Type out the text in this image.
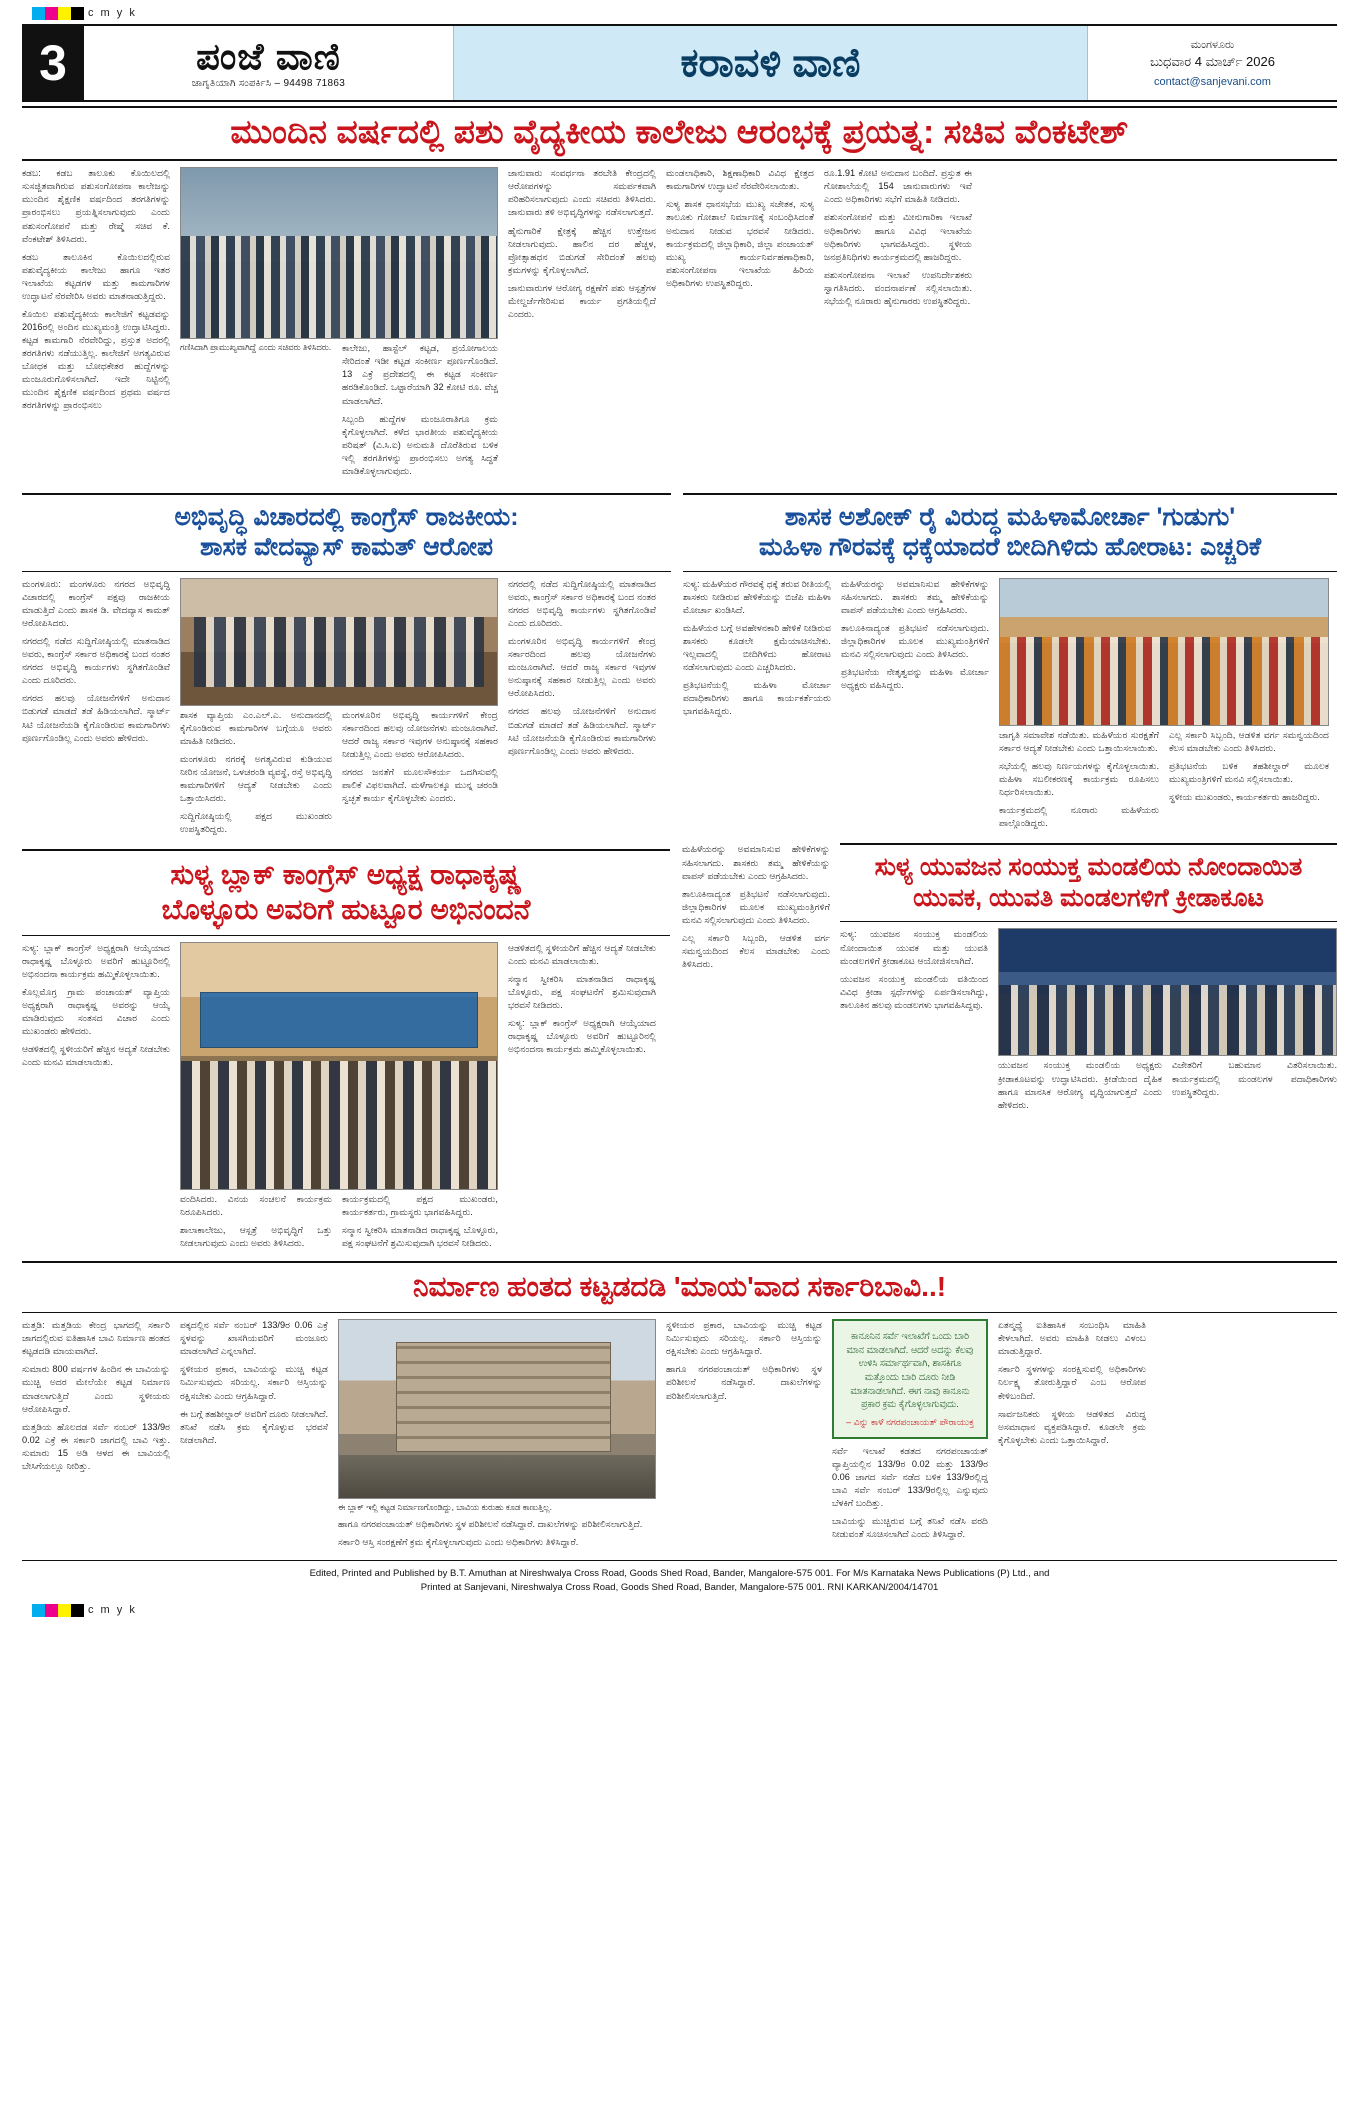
c m y k
3	ಪಂಜೆ ವಾಣಿ
ಜಾಗೃತಿಯಾಗಿ ಸಂಪರ್ಕಿಸಿ – 94498 71863	ಕರಾವಳಿ ವಾಣಿ	ಮಂಗಳೂರು
ಬುಧವಾರ 4 ಮಾರ್ಚ್ 2026
contact@sanjevani.com
ಮುಂದಿನ ವರ್ಷದಲ್ಲಿ ಪಶು ವೈದ್ಯಕೀಯ ಕಾಲೇಜು ಆರಂಭಕ್ಕೆ ಪ್ರಯತ್ನ: ಸಚಿವ ವೆಂಕಟೇಶ್

ಕಡಬ: ಕಡಬ ತಾಲೂಕು ಕೊಯಿಲದಲ್ಲಿ ಸುಸಜ್ಜಿತವಾಗಿರುವ ಪಶುಸಂಗೋಪನಾ ಕಾಲೇಜನ್ನು ಮುಂದಿನ ಶೈಕ್ಷಣಿಕ ವರ್ಷದಿಂದ ತರಗತಿಗಳನ್ನು ಪ್ರಾರಂಭಿಸಲು ಪ್ರಯತ್ನಿಸಲಾಗುವುದು ಎಂದು ಪಶುಸಂಗೋಪನೆ ಮತ್ತು ರೇಷ್ಮೆ ಸಚಿವ ಕೆ. ವೆಂಕಟೇಶ್ ತಿಳಿಸಿದರು.

ಕಡಬ ತಾಲೂಕಿನ ಕೊಯಿಲದಲ್ಲಿರುವ ಪಶುವೈದ್ಯಕೀಯ ಕಾಲೇಜು ಹಾಗೂ ಇತರ ಇಲಾಖೆಯ ಕಟ್ಟಡಗಳ ಮತ್ತು ಕಾಮಗಾರಿಗಳ ಉದ್ಘಾಟನೆ ನೆರವೇರಿಸಿ ಅವರು ಮಾತನಾಡುತ್ತಿದ್ದರು.

ಕೊಯಿಲ ಪಶುವೈದ್ಯಕೀಯ ಕಾಲೇಜಿಗೆ ಕಟ್ಟಡವನ್ನು 2016ರಲ್ಲಿ ಅಂದಿನ ಮುಖ್ಯಮಂತ್ರಿ ಉದ್ಘಾಟಿಸಿದ್ದರು. ಕಟ್ಟಡ ಕಾಮಗಾರಿ ನೆರವೇರಿದ್ದು, ಪ್ರಸ್ತುತ ಅದರಲ್ಲಿ ತರಗತಿಗಳು ನಡೆಯುತ್ತಿಲ್ಲ. ಕಾಲೇಜಿಗೆ ಅಗತ್ಯವಿರುವ ಬೋಧಕ ಮತ್ತು ಬೋಧಕೇತರ ಹುದ್ದೆಗಳನ್ನು ಮಂಜೂರುಗೊಳಿಸಲಾಗಿದೆ. ಇದೇ ನಿಟ್ಟಿನಲ್ಲಿ ಮುಂದಿನ ಶೈಕ್ಷಣಿಕ ವರ್ಷದಿಂದ ಪ್ರಥಮ ವರ್ಷದ ತರಗತಿಗಳನ್ನು ಪ್ರಾರಂಭಿಸಲು

ಗಣಿಸಿದಾಗಿ ಪ್ರಾಮುಖ್ಯವಾಗಿದ್ದೆ ಎಂದು ಸಚಿವರು ತಿಳಿಸಿದರು. ಕಾಲೇಜು, ಹಾಸ್ಟೆಲ್ ಕಟ್ಟಡ, ಪ್ರಯೋಗಾಲಯ ಸೇರಿದಂತೆ ಇಡೀ ಕಟ್ಟಡ ಸಂಕೀರ್ಣ ಪೂರ್ಣಗೊಂಡಿದೆ. 13 ಎಕ್ರೆ ಪ್ರದೇಶದಲ್ಲಿ ಈ ಕಟ್ಟಡ ಸಂಕೀರ್ಣ ಹರಡಿಕೊಂಡಿದೆ. ಒಟ್ಟಾರೆಯಾಗಿ 32 ಕೋಟಿ ರೂ. ವೆಚ್ಚ ಮಾಡಲಾಗಿದೆ.

ಸಿಬ್ಬಂದಿ ಹುದ್ದೆಗಳ ಮಂಜೂರಾತಿಗೂ ಕ್ರಮ ಕೈಗೊಳ್ಳಲಾಗಿದೆ. ಕಳೆದ ಭಾರತೀಯ ಪಶುವೈದ್ಯಕೀಯ ಪರಿಷತ್ (ವಿ.ಸಿ.ಐ) ಅನುಮತಿ ದೊರೆತಿರುವ ಬಳಿಕ ಇಲ್ಲಿ ತರಗತಿಗಳನ್ನು ಪ್ರಾರಂಭಿಸಲು ಅಗತ್ಯ ಸಿದ್ಧತೆ ಮಾಡಿಕೊಳ್ಳಲಾಗುವುದು.

ಜಾನುವಾರು ಸಂವರ್ಧನಾ ತರಬೇತಿ ಕೇಂದ್ರದಲ್ಲಿ ಆರೋಪಗಳನ್ನು ಸಮರ್ಪಕವಾಗಿ ಪರಿಹರಿಸಲಾಗುವುದು ಎಂದು ಸಚಿವರು ತಿಳಿಸಿದರು. ಜಾನುವಾರು ತಳಿ ಅಭಿವೃದ್ಧಿಗಳನ್ನು ನಡೆಸಲಾಗುತ್ತದೆ.

ಹೈನುಗಾರಿಕೆ ಕ್ಷೇತ್ರಕ್ಕೆ ಹೆಚ್ಚಿನ ಉತ್ತೇಜನ ನೀಡಲಾಗುವುದು. ಹಾಲಿನ ದರ ಹೆಚ್ಚಳ, ಪ್ರೋತ್ಸಾಹಧನ ಬಿಡುಗಡೆ ಸೇರಿದಂತೆ ಹಲವು ಕ್ರಮಗಳನ್ನು ಕೈಗೊಳ್ಳಲಾಗಿದೆ.

ಜಾನುವಾರುಗಳ ಆರೋಗ್ಯ ರಕ್ಷಣೆಗೆ ಪಶು ಆಸ್ಪತ್ರೆಗಳ ಮೇಲ್ದರ್ಜೆಗೇರಿಸುವ ಕಾರ್ಯ ಪ್ರಗತಿಯಲ್ಲಿದೆ ಎಂದರು.

ಮಂಡಲಾಧಿಕಾರಿ, ಶಿಕ್ಷಣಾಧಿಕಾರಿ ವಿವಿಧ ಕ್ಷೇತ್ರದ ಕಾಮಗಾರಿಗಳ ಉದ್ಘಾಟನೆ ನೆರವೇರಿಸಲಾಯಿತು.

ಸುಳ್ಯ ಶಾಸಕ ಧಾನಸಭೆಯ ಮುಖ್ಯ ಸಚೇತಕ, ಸುಳ್ಯ ತಾಲೂಕು ಗೋಶಾಲೆ ನಿರ್ಮಾಣಕ್ಕೆ ಸಂಬಂಧಿಸಿದಂತೆ ಅನುದಾನ ನೀಡುವ ಭರವಸೆ ನೀಡಿದರು. ಕಾರ್ಯಕ್ರಮದಲ್ಲಿ ಜಿಲ್ಲಾಧಿಕಾರಿ, ಜಿಲ್ಲಾ ಪಂಚಾಯತ್ ಮುಖ್ಯ ಕಾರ್ಯನಿರ್ವಹಣಾಧಿಕಾರಿ, ಪಶುಸಂಗೋಪನಾ ಇಲಾಖೆಯ ಹಿರಿಯ ಅಧಿಕಾರಿಗಳು ಉಪಸ್ಥಿತರಿದ್ದರು.

ರೂ.1.91 ಕೋಟಿ ಅನುದಾನ ಬಂದಿದೆ. ಪ್ರಸ್ತುತ ಈ ಗೋಶಾಲೆಯಲ್ಲಿ 154 ಜಾನುವಾರುಗಳು ಇವೆ ಎಂದು ಅಧಿಕಾರಿಗಳು ಸಭೆಗೆ ಮಾಹಿತಿ ನೀಡಿದರು.

ಪಶುಸಂಗೋಪನೆ ಮತ್ತು ಮೀನುಗಾರಿಕಾ ಇಲಾಖೆ ಅಧಿಕಾರಿಗಳು ಹಾಗೂ ವಿವಿಧ ಇಲಾಖೆಯ ಅಧಿಕಾರಿಗಳು ಭಾಗವಹಿಸಿದ್ದರು. ಸ್ಥಳೀಯ ಜನಪ್ರತಿನಿಧಿಗಳು ಕಾರ್ಯಕ್ರಮದಲ್ಲಿ ಹಾಜರಿದ್ದರು.

ಪಶುಸಂಗೋಪನಾ ಇಲಾಖೆ ಉಪನಿರ್ದೇಶಕರು ಸ್ವಾಗತಿಸಿದರು. ವಂದನಾರ್ಪಣೆ ಸಲ್ಲಿಸಲಾಯಿತು. ಸಭೆಯಲ್ಲಿ ನೂರಾರು ಹೈನುಗಾರರು ಉಪಸ್ಥಿತರಿದ್ದರು.

ಅಭಿವೃದ್ಧಿ ವಿಚಾರದಲ್ಲಿ ಕಾಂಗ್ರೆಸ್ ರಾಜಕೀಯ:
ಶಾಸಕ ವೇದವ್ಯಾಸ್ ಕಾಮತ್ ಆರೋಪ

ಮಂಗಳೂರು: ಮಂಗಳೂರು ನಗರದ ಅಭಿವೃದ್ಧಿ ವಿಚಾರದಲ್ಲಿ ಕಾಂಗ್ರೆಸ್ ಪಕ್ಷವು ರಾಜಕೀಯ ಮಾಡುತ್ತಿದೆ ಎಂದು ಶಾಸಕ ಡಿ. ವೇದವ್ಯಾಸ ಕಾಮತ್ ಆರೋಪಿಸಿದರು.

ನಗರದಲ್ಲಿ ನಡೆದ ಸುದ್ದಿಗೋಷ್ಠಿಯಲ್ಲಿ ಮಾತನಾಡಿದ ಅವರು, ಕಾಂಗ್ರೆಸ್ ಸರ್ಕಾರ ಅಧಿಕಾರಕ್ಕೆ ಬಂದ ನಂತರ ನಗರದ ಅಭಿವೃದ್ಧಿ ಕಾರ್ಯಗಳು ಸ್ಥಗಿತಗೊಂಡಿವೆ ಎಂದು ದೂರಿದರು.

ನಗರದ ಹಲವು ಯೋಜನೆಗಳಿಗೆ ಅನುದಾನ ಬಿಡುಗಡೆ ಮಾಡದೆ ತಡೆ ಹಿಡಿಯಲಾಗಿದೆ. ಸ್ಮಾರ್ಟ್ ಸಿಟಿ ಯೋಜನೆಯಡಿ ಕೈಗೊಂಡಿರುವ ಕಾಮಗಾರಿಗಳು ಪೂರ್ಣಗೊಂಡಿಲ್ಲ ಎಂದು ಅವರು ಹೇಳಿದರು.

ಶಾಸಕ ವ್ಯಾಪ್ತಿಯ ಎಂ.ಎಲ್.ಎ. ಅನುದಾನದಲ್ಲಿ ಕೈಗೊಂಡಿರುವ ಕಾಮಗಾರಿಗಳ ಬಗ್ಗೆಯೂ ಅವರು ಮಾಹಿತಿ ನೀಡಿದರು.

ಮಂಗಳೂರು ನಗರಕ್ಕೆ ಅಗತ್ಯವಿರುವ ಕುಡಿಯುವ ನೀರಿನ ಯೋಜನೆ, ಒಳಚರಂಡಿ ವ್ಯವಸ್ಥೆ, ರಸ್ತೆ ಅಭಿವೃದ್ಧಿ ಕಾಮಗಾರಿಗಳಿಗೆ ಆದ್ಯತೆ ನೀಡಬೇಕು ಎಂದು ಒತ್ತಾಯಿಸಿದರು.

ಸುದ್ದಿಗೋಷ್ಠಿಯಲ್ಲಿ ಪಕ್ಷದ ಮುಖಂಡರು ಉಪಸ್ಥಿತರಿದ್ದರು.

ಮಂಗಳೂರಿನ ಅಭಿವೃದ್ಧಿ ಕಾರ್ಯಗಳಿಗೆ ಕೇಂದ್ರ ಸರ್ಕಾರದಿಂದ ಹಲವು ಯೋಜನೆಗಳು ಮಂಜೂರಾಗಿವೆ. ಆದರೆ ರಾಜ್ಯ ಸರ್ಕಾರ ಇವುಗಳ ಅನುಷ್ಠಾನಕ್ಕೆ ಸಹಕಾರ ನೀಡುತ್ತಿಲ್ಲ ಎಂದು ಅವರು ಆರೋಪಿಸಿದರು.

ನಗರದ ಜನತೆಗೆ ಮೂಲಸೌಕರ್ಯ ಒದಗಿಸುವಲ್ಲಿ ಪಾಲಿಕೆ ವಿಫಲವಾಗಿದೆ. ಮಳೆಗಾಲಕ್ಕೂ ಮುನ್ನ ಚರಂಡಿ ಸ್ವಚ್ಛತೆ ಕಾರ್ಯ ಕೈಗೊಳ್ಳಬೇಕು ಎಂದರು.

ನಗರದಲ್ಲಿ ನಡೆದ ಸುದ್ದಿಗೋಷ್ಠಿಯಲ್ಲಿ ಮಾತನಾಡಿದ ಅವರು, ಕಾಂಗ್ರೆಸ್ ಸರ್ಕಾರ ಅಧಿಕಾರಕ್ಕೆ ಬಂದ ನಂತರ ನಗರದ ಅಭಿವೃದ್ಧಿ ಕಾರ್ಯಗಳು ಸ್ಥಗಿತಗೊಂಡಿವೆ ಎಂದು ದೂರಿದರು.

ಮಂಗಳೂರಿನ ಅಭಿವೃದ್ಧಿ ಕಾರ್ಯಗಳಿಗೆ ಕೇಂದ್ರ ಸರ್ಕಾರದಿಂದ ಹಲವು ಯೋಜನೆಗಳು ಮಂಜೂರಾಗಿವೆ. ಆದರೆ ರಾಜ್ಯ ಸರ್ಕಾರ ಇವುಗಳ ಅನುಷ್ಠಾನಕ್ಕೆ ಸಹಕಾರ ನೀಡುತ್ತಿಲ್ಲ ಎಂದು ಅವರು ಆರೋಪಿಸಿದರು.

ನಗರದ ಹಲವು ಯೋಜನೆಗಳಿಗೆ ಅನುದಾನ ಬಿಡುಗಡೆ ಮಾಡದೆ ತಡೆ ಹಿಡಿಯಲಾಗಿದೆ. ಸ್ಮಾರ್ಟ್ ಸಿಟಿ ಯೋಜನೆಯಡಿ ಕೈಗೊಂಡಿರುವ ಕಾಮಗಾರಿಗಳು ಪೂರ್ಣಗೊಂಡಿಲ್ಲ ಎಂದು ಅವರು ಹೇಳಿದರು.

ಶಾಸಕ ಅಶೋಕ್ ರೈ ವಿರುದ್ಧ ಮಹಿಳಾಮೋರ್ಚಾ 'ಗುಡುಗು'
ಮಹಿಳಾ ಗೌರವಕ್ಕೆ ಧಕ್ಕೆಯಾದರೆ ಬೀದಿಗಿಳಿದು ಹೋರಾಟ: ಎಚ್ಚರಿಕೆ

ಸುಳ್ಯ: ಮಹಿಳೆಯರ ಗೌರವಕ್ಕೆ ಧಕ್ಕೆ ತರುವ ರೀತಿಯಲ್ಲಿ ಶಾಸಕರು ನೀಡಿರುವ ಹೇಳಿಕೆಯನ್ನು ಬಿಜೆಪಿ ಮಹಿಳಾ ಮೋರ್ಚಾ ಖಂಡಿಸಿದೆ.

ಮಹಿಳೆಯರ ಬಗ್ಗೆ ಅವಹೇಳನಕಾರಿ ಹೇಳಿಕೆ ನೀಡಿರುವ ಶಾಸಕರು ಕೂಡಲೇ ಕ್ಷಮೆಯಾಚಿಸಬೇಕು. ಇಲ್ಲವಾದಲ್ಲಿ ಬೀದಿಗಿಳಿದು ಹೋರಾಟ ನಡೆಸಲಾಗುವುದು ಎಂದು ಎಚ್ಚರಿಸಿದರು.

ಪ್ರತಿಭಟನೆಯಲ್ಲಿ ಮಹಿಳಾ ಮೋರ್ಚಾ ಪದಾಧಿಕಾರಿಗಳು ಹಾಗೂ ಕಾರ್ಯಕರ್ತೆಯರು ಭಾಗವಹಿಸಿದ್ದರು.

ಮಹಿಳೆಯರನ್ನು ಅವಮಾನಿಸುವ ಹೇಳಿಕೆಗಳನ್ನು ಸಹಿಸಲಾಗದು. ಶಾಸಕರು ತಮ್ಮ ಹೇಳಿಕೆಯನ್ನು ವಾಪಸ್ ಪಡೆಯಬೇಕು ಎಂದು ಆಗ್ರಹಿಸಿದರು.

ತಾಲೂಕಿನಾದ್ಯಂತ ಪ್ರತಿಭಟನೆ ನಡೆಸಲಾಗುವುದು. ಜಿಲ್ಲಾಧಿಕಾರಿಗಳ ಮೂಲಕ ಮುಖ್ಯಮಂತ್ರಿಗಳಿಗೆ ಮನವಿ ಸಲ್ಲಿಸಲಾಗುವುದು ಎಂದು ತಿಳಿಸಿದರು.

ಪ್ರತಿಭಟನೆಯ ನೇತೃತ್ವವನ್ನು ಮಹಿಳಾ ಮೋರ್ಚಾ ಅಧ್ಯಕ್ಷರು ವಹಿಸಿದ್ದರು.

ಜಾಗೃತಿ ಸಮಾವೇಶ ನಡೆಯಿತು. ಮಹಿಳೆಯರ ಸುರಕ್ಷತೆಗೆ ಸರ್ಕಾರ ಆದ್ಯತೆ ನೀಡಬೇಕು ಎಂದು ಒತ್ತಾಯಿಸಲಾಯಿತು.

ಸಭೆಯಲ್ಲಿ ಹಲವು ನಿರ್ಣಯಗಳನ್ನು ಕೈಗೊಳ್ಳಲಾಯಿತು. ಮಹಿಳಾ ಸಬಲೀಕರಣಕ್ಕೆ ಕಾರ್ಯಕ್ರಮ ರೂಪಿಸಲು ನಿರ್ಧರಿಸಲಾಯಿತು.

ಕಾರ್ಯಕ್ರಮದಲ್ಲಿ ನೂರಾರು ಮಹಿಳೆಯರು ಪಾಲ್ಗೊಂಡಿದ್ದರು.

ಎಲ್ಲ ಸರ್ಕಾರಿ ಸಿಬ್ಬಂದಿ, ಆಡಳಿತ ವರ್ಗ ಸಮನ್ವಯದಿಂದ ಕೆಲಸ ಮಾಡಬೇಕು ಎಂದು ತಿಳಿಸಿದರು.

ಪ್ರತಿಭಟನೆಯ ಬಳಿಕ ತಹಶೀಲ್ದಾರ್ ಮೂಲಕ ಮುಖ್ಯಮಂತ್ರಿಗಳಿಗೆ ಮನವಿ ಸಲ್ಲಿಸಲಾಯಿತು.

ಸ್ಥಳೀಯ ಮುಖಂಡರು, ಕಾರ್ಯಕರ್ತರು ಹಾಜರಿದ್ದರು.

ಸುಳ್ಯ ಬ್ಲಾಕ್ ಕಾಂಗ್ರೆಸ್ ಅಧ್ಯಕ್ಷ ರಾಧಾಕೃಷ್ಣ
ಬೊಳ್ಳೂರು ಅವರಿಗೆ ಹುಟ್ಟೂರ ಅಭಿನಂದನೆ

ಸುಳ್ಯ: ಬ್ಲಾಕ್ ಕಾಂಗ್ರೆಸ್ ಅಧ್ಯಕ್ಷರಾಗಿ ಆಯ್ಕೆಯಾದ ರಾಧಾಕೃಷ್ಣ ಬೊಳ್ಳೂರು ಅವರಿಗೆ ಹುಟ್ಟೂರಿನಲ್ಲಿ ಅಭಿನಂದನಾ ಕಾರ್ಯಕ್ರಮ ಹಮ್ಮಿಕೊಳ್ಳಲಾಯಿತು.

ಕೊಲ್ಲಮೊಗ್ರ ಗ್ರಾಮ ಪಂಚಾಯತ್ ವ್ಯಾಪ್ತಿಯ ಅಧ್ಯಕ್ಷರಾಗಿ ರಾಧಾಕೃಷ್ಣ ಅವರನ್ನು ಆಯ್ಕೆ ಮಾಡಿರುವುದು ಸಂತಸದ ವಿಚಾರ ಎಂದು ಮುಖಂಡರು ಹೇಳಿದರು.

ಆಡಳಿತದಲ್ಲಿ ಸ್ಥಳೀಯರಿಗೆ ಹೆಚ್ಚಿನ ಆದ್ಯತೆ ನೀಡಬೇಕು ಎಂದು ಮನವಿ ಮಾಡಲಾಯಿತು.

ವಂದಿಸಿದರು. ವಿನಯ ಸಂಚಲನೆ ಕಾರ್ಯಕ್ರಮ ನಿರೂಪಿಸಿದರು.

ಶಾಲಾಕಾಲೇಜು, ಆಸ್ಪತ್ರೆ ಅಭಿವೃದ್ಧಿಗೆ ಒತ್ತು ನೀಡಲಾಗುವುದು ಎಂದು ಅವರು ತಿಳಿಸಿದರು.

ಕಾರ್ಯಕ್ರಮದಲ್ಲಿ ಪಕ್ಷದ ಮುಖಂಡರು, ಕಾರ್ಯಕರ್ತರು, ಗ್ರಾಮಸ್ಥರು ಭಾಗವಹಿಸಿದ್ದರು.

ಸನ್ಮಾನ ಸ್ವೀಕರಿಸಿ ಮಾತನಾಡಿದ ರಾಧಾಕೃಷ್ಣ ಬೊಳ್ಳೂರು, ಪಕ್ಷ ಸಂಘಟನೆಗೆ ಶ್ರಮಿಸುವುದಾಗಿ ಭರವಸೆ ನೀಡಿದರು.

ಆಡಳಿತದಲ್ಲಿ ಸ್ಥಳೀಯರಿಗೆ ಹೆಚ್ಚಿನ ಆದ್ಯತೆ ನೀಡಬೇಕು ಎಂದು ಮನವಿ ಮಾಡಲಾಯಿತು.

ಸನ್ಮಾನ ಸ್ವೀಕರಿಸಿ ಮಾತನಾಡಿದ ರಾಧಾಕೃಷ್ಣ ಬೊಳ್ಳೂರು, ಪಕ್ಷ ಸಂಘಟನೆಗೆ ಶ್ರಮಿಸುವುದಾಗಿ ಭರವಸೆ ನೀಡಿದರು.

ಸುಳ್ಯ: ಬ್ಲಾಕ್ ಕಾಂಗ್ರೆಸ್ ಅಧ್ಯಕ್ಷರಾಗಿ ಆಯ್ಕೆಯಾದ ರಾಧಾಕೃಷ್ಣ ಬೊಳ್ಳೂರು ಅವರಿಗೆ ಹುಟ್ಟೂರಿನಲ್ಲಿ ಅಭಿನಂದನಾ ಕಾರ್ಯಕ್ರಮ ಹಮ್ಮಿಕೊಳ್ಳಲಾಯಿತು.

ಮಹಿಳೆಯರನ್ನು ಅವಮಾನಿಸುವ ಹೇಳಿಕೆಗಳನ್ನು ಸಹಿಸಲಾಗದು. ಶಾಸಕರು ತಮ್ಮ ಹೇಳಿಕೆಯನ್ನು ವಾಪಸ್ ಪಡೆಯಬೇಕು ಎಂದು ಆಗ್ರಹಿಸಿದರು.

ತಾಲೂಕಿನಾದ್ಯಂತ ಪ್ರತಿಭಟನೆ ನಡೆಸಲಾಗುವುದು. ಜಿಲ್ಲಾಧಿಕಾರಿಗಳ ಮೂಲಕ ಮುಖ್ಯಮಂತ್ರಿಗಳಿಗೆ ಮನವಿ ಸಲ್ಲಿಸಲಾಗುವುದು ಎಂದು ತಿಳಿಸಿದರು.

ಎಲ್ಲ ಸರ್ಕಾರಿ ಸಿಬ್ಬಂದಿ, ಆಡಳಿತ ವರ್ಗ ಸಮನ್ವಯದಿಂದ ಕೆಲಸ ಮಾಡಬೇಕು ಎಂದು ತಿಳಿಸಿದರು.

ಸುಳ್ಯ ಯುವಜನ ಸಂಯುಕ್ತ ಮಂಡಲಿಯ ನೋಂದಾಯಿತ
ಯುವಕ, ಯುವತಿ ಮಂಡಲಗಳಿಗೆ ಕ್ರೀಡಾಕೂಟ

ಸುಳ್ಯ: ಯುವಜನ ಸಂಯುಕ್ತ ಮಂಡಲಿಯ ನೋಂದಾಯಿತ ಯುವಕ ಮತ್ತು ಯುವತಿ ಮಂಡಲಗಳಿಗೆ ಕ್ರೀಡಾಕೂಟ ಆಯೋಜಿಸಲಾಗಿದೆ.

ಯುವಜನ ಸಂಯುಕ್ತ ಮಂಡಲಿಯ ವತಿಯಿಂದ ವಿವಿಧ ಕ್ರೀಡಾ ಸ್ಪರ್ಧೆಗಳನ್ನು ಏರ್ಪಡಿಸಲಾಗಿದ್ದು, ತಾಲೂಕಿನ ಹಲವು ಮಂಡಲಗಳು ಭಾಗವಹಿಸಿದ್ದವು.

ಯುವಜನ ಸಂಯುಕ್ತ ಮಂಡಲಿಯ ಅಧ್ಯಕ್ಷರು ಕ್ರೀಡಾಕೂಟವನ್ನು ಉದ್ಘಾಟಿಸಿದರು. ಕ್ರೀಡೆಯಿಂದ ದೈಹಿಕ ಹಾಗೂ ಮಾನಸಿಕ ಆರೋಗ್ಯ ವೃದ್ಧಿಯಾಗುತ್ತದೆ ಎಂದು ಹೇಳಿದರು.

ವಿಜೇತರಿಗೆ ಬಹುಮಾನ ವಿತರಿಸಲಾಯಿತು. ಕಾರ್ಯಕ್ರಮದಲ್ಲಿ ಮಂಡಲಗಳ ಪದಾಧಿಕಾರಿಗಳು ಉಪಸ್ಥಿತರಿದ್ದರು.

ನಿರ್ಮಾಣ ಹಂತದ ಕಟ್ಟಡದಡಿ 'ಮಾಯ'ವಾದ ಸರ್ಕಾರಿಬಾವಿ..!

ಮತ್ತಡಿ: ಮತ್ತಡಿಯ ಕೇಂದ್ರ ಭಾಗದಲ್ಲಿ ಸರ್ಕಾರಿ ಜಾಗದಲ್ಲಿರುವ ಐತಿಹಾಸಿಕ ಬಾವಿ ನಿರ್ಮಾಣ ಹಂತದ ಕಟ್ಟಡದಡಿ ಮಾಯವಾಗಿದೆ.

ಸುಮಾರು 800 ವರ್ಷಗಳ ಹಿಂದಿನ ಈ ಬಾವಿಯನ್ನು ಮುಚ್ಚಿ ಅದರ ಮೇಲೆಯೇ ಕಟ್ಟಡ ನಿರ್ಮಾಣ ಮಾಡಲಾಗುತ್ತಿದೆ ಎಂದು ಸ್ಥಳೀಯರು ಆರೋಪಿಸಿದ್ದಾರೆ.

ಮತ್ತಡಿಯ ಹೊಲದಡ ಸರ್ವೆ ನಂಬರ್ 133/9ರ 0.02 ಎಕ್ರೆ ಈ ಸರ್ಕಾರಿ ಜಾಗದಲ್ಲಿ ಬಾವಿ ಇತ್ತು. ಸುಮಾರು 15 ಅಡಿ ಆಳದ ಈ ಬಾವಿಯಲ್ಲಿ ಬೇಸಿಗೆಯಲ್ಲೂ ನೀರಿತ್ತು.

ಪಕ್ಕದಲ್ಲಿನ ಸರ್ವೆ ನಂಬರ್ 133/9ರ 0.06 ಎಕ್ರೆ ಸ್ಥಳವನ್ನು ಖಾಸಗಿಯವರಿಗೆ ಮಂಜೂರು ಮಾಡಲಾಗಿದೆ ಎನ್ನಲಾಗಿದೆ.

ಸ್ಥಳೀಯರ ಪ್ರಕಾರ, ಬಾವಿಯನ್ನು ಮುಚ್ಚಿ ಕಟ್ಟಡ ನಿರ್ಮಿಸುವುದು ಸರಿಯಲ್ಲ. ಸರ್ಕಾರಿ ಆಸ್ತಿಯನ್ನು ರಕ್ಷಿಸಬೇಕು ಎಂದು ಆಗ್ರಹಿಸಿದ್ದಾರೆ.

ಈ ಬಗ್ಗೆ ತಹಶೀಲ್ದಾರ್ ಅವರಿಗೆ ದೂರು ನೀಡಲಾಗಿದೆ. ತನಿಖೆ ನಡೆಸಿ ಕ್ರಮ ಕೈಗೊಳ್ಳುವ ಭರವಸೆ ನೀಡಲಾಗಿದೆ.

ಈ ಬ್ಲಾಕ್ ಇಲ್ಲಿ ಕಟ್ಟಡ ನಿರ್ಮಾಣಗೊಂಡಿದ್ದು, ಬಾವಿಯ ಕುರುಹು ಕೂಡ ಕಾಣುತ್ತಿಲ್ಲ.

ಹಾಗೂ ನಗರಪಂಚಾಯತ್ ಅಧಿಕಾರಿಗಳು ಸ್ಥಳ ಪರಿಶೀಲನೆ ನಡೆಸಿದ್ದಾರೆ. ದಾಖಲೆಗಳನ್ನು ಪರಿಶೀಲಿಸಲಾಗುತ್ತಿದೆ.

ಸರ್ಕಾರಿ ಆಸ್ತಿ ಸಂರಕ್ಷಣೆಗೆ ಕ್ರಮ ಕೈಗೊಳ್ಳಲಾಗುವುದು ಎಂದು ಅಧಿಕಾರಿಗಳು ತಿಳಿಸಿದ್ದಾರೆ.

ಸ್ಥಳೀಯರ ಪ್ರಕಾರ, ಬಾವಿಯನ್ನು ಮುಚ್ಚಿ ಕಟ್ಟಡ ನಿರ್ಮಿಸುವುದು ಸರಿಯಲ್ಲ. ಸರ್ಕಾರಿ ಆಸ್ತಿಯನ್ನು ರಕ್ಷಿಸಬೇಕು ಎಂದು ಆಗ್ರಹಿಸಿದ್ದಾರೆ.

ಹಾಗೂ ನಗರಪಂಚಾಯತ್ ಅಧಿಕಾರಿಗಳು ಸ್ಥಳ ಪರಿಶೀಲನೆ ನಡೆಸಿದ್ದಾರೆ. ದಾಖಲೆಗಳನ್ನು ಪರಿಶೀಲಿಸಲಾಗುತ್ತಿದೆ.

ಕಾನೂನಿನ ಸರ್ವೆ ಇಲಾಖೆಗೆ ಒಂದು ಬಾರಿ ಮಾನ ಮಾಡಲಾಗಿದೆ. ಆದರೆ ಅದನ್ನು ಕೆಲವು ಉಳಿಸಿ ಸರ್ಮಾರ್ಥವಾಗಿ, ಶಾಸಕಿಗೂ ಮತ್ತೊಂದು ಬಾರಿ ದೂರು ನೀಡಿ ಮಾತನಾಡಲಾಗಿದೆ. ಈಗ ನಾವು ಕಾನೂನು ಪ್ರಕಾರ ಕ್ರಮ ಕೈಗೊಳ್ಳಲಾಗುವುದು.
– ವಿನ್ನು ಕಾಳೆ ನಗರಪಂಚಾಯತ್ ಪೌರಾಯುಕ್ತ

ಸರ್ವೆ ಇಲಾಖೆ ಕಡತದ ನಗರಪಂಚಾಯತ್ ವ್ಯಾಪ್ತಿಯಲ್ಲಿನ 133/9ರ 0.02 ಮತ್ತು 133/9ರ 0.06 ಜಾಗದ ಸರ್ವೆ ನಡೆದ ಬಳಿಕ 133/9ರಲ್ಲಿದ್ದ ಬಾವಿ ಸರ್ವೆ ನಂಬರ್ 133/9ರಲ್ಲಿಲ್ಲ ಎನ್ನುವುದು ಬೆಳಕಿಗೆ ಬಂದಿತ್ತು.

ಬಾವಿಯನ್ನು ಮುಚ್ಚಿರುವ ಬಗ್ಗೆ ತನಿಖೆ ನಡೆಸಿ ವರದಿ ನೀಡುವಂತೆ ಸೂಚಿಸಲಾಗಿದೆ ಎಂದು ತಿಳಿಸಿದ್ದಾರೆ.

ಏತನ್ಮಧ್ಯೆ ಐತಿಹಾಸಿಕ ಸಂಬಂಧಿಸಿ ಮಾಹಿತಿ ಕೇಳಲಾಗಿದೆ. ಅವರು ಮಾಹಿತಿ ನೀಡಲು ವಿಳಂಬ ಮಾಡುತ್ತಿದ್ದಾರೆ.

ಸರ್ಕಾರಿ ಸ್ಥಳಗಳನ್ನು ಸಂರಕ್ಷಿಸುವಲ್ಲಿ ಅಧಿಕಾರಿಗಳು ನಿರ್ಲಕ್ಷ್ಯ ತೋರುತ್ತಿದ್ದಾರೆ ಎಂಬ ಆರೋಪ ಕೇಳಿಬಂದಿದೆ.

ಸಾರ್ವಜನಿಕರು ಸ್ಥಳೀಯ ಆಡಳಿತದ ವಿರುದ್ಧ ಅಸಮಾಧಾನ ವ್ಯಕ್ತಪಡಿಸಿದ್ದಾರೆ. ಕೂಡಲೇ ಕ್ರಮ ಕೈಗೊಳ್ಳಬೇಕು ಎಂದು ಒತ್ತಾಯಿಸಿದ್ದಾರೆ.

Edited, Printed and Published by B.T. Amuthan at Nireshwalya Cross Road, Goods Shed Road, Bander, Mangalore-575 001. For M/s Karnataka News Publications (P) Ltd., and
Printed at Sanjevani, Nireshwalya Cross Road, Goods Shed Road, Bander, Mangalore-575 001. RNI KARKAN/2004/14701
c m y k
